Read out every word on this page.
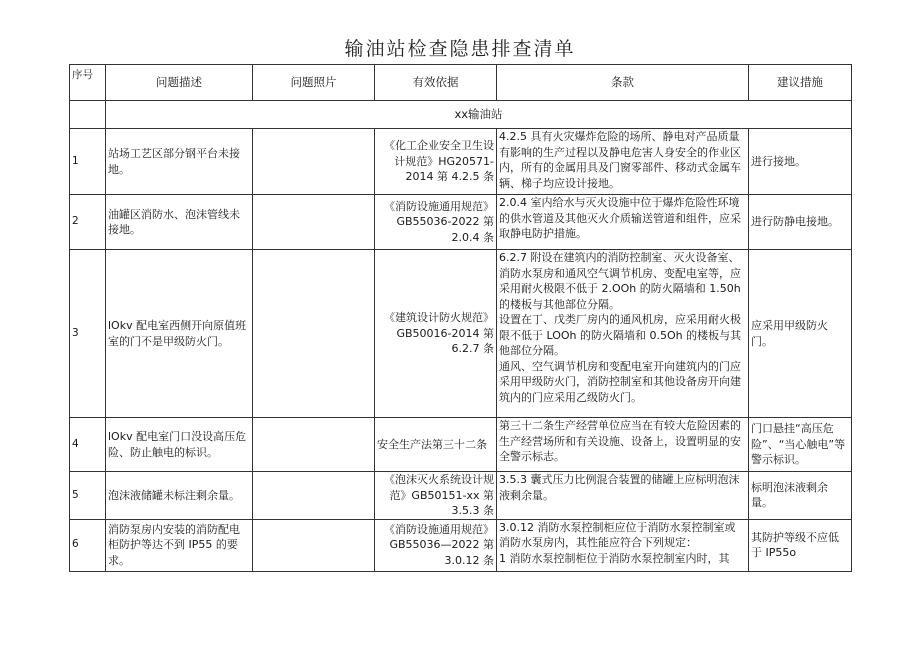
输油站检查隐患排查清单
序号	问题描述	问题照片	有效依据	条款	建议措施
	xx输油站				
1	站场工艺区部分钢平台未接地。		《化工企业安全卫生设计规范》HG20571-2014 第 4.2.5 条	4.2.5 具有火灾爆炸危险的场所、静电对产品质量有影响的生产过程以及静电危害人身安全的作业区内，所有的金属用具及门窗零部件、移动式金属车辆、梯子均应设计接地。	进行接地。
2	油罐区消防水、泡沫管线未接地。		《消防设施通用规范》GB55036-2022 第 2.0.4 条	2.0.4 室内给水与灭火设施中位于爆炸危险性环境的供水管道及其他灭火介质输送管道和组件，应采取静电防护措施。	进行防静电接地。
3	lOkv 配电室西侧开向原值班室的门不是甲级防火门。		《建筑设计防火规范》GB50016-2014 第 6.2.7 条	6.2.7 附设在建筑内的消防控制室、灭火设备室、消防水泵房和通风空气调节机房、变配电室等，应采用耐火极限不低于 2.OOh 的防火隔墙和 1.50h 的楼板与其他部位分隔。
设置在丁、戊类厂房内的通风机房，应采用耐火极限不低于 LOOh 的防火隔墙和 0.5Oh 的楼板与其他部位分隔。
通风、空气调节机房和变配电室开向建筑内的门应采用甲级防火门，消防控制室和其他设备房开向建筑内的门应采用乙级防火门。	应采用甲级防火门。
4	lOkv 配电室门口没设高压危险、防止触电的标识。		安全生产法第三十二条	第三十二条生产经营单位应当在有较大危险因素的生产经营场所和有关设施、设备上，设置明显的安全警示标志。	门口悬挂“高压危险”、“当心触电”等警示标识。
5	泡沫液储罐未标注剩余量。		《泡沫灭火系统设计规范》GB50151-xx 第 3.5.3 条	3.5.3 囊式压力比例混合装置的储罐上应标明泡沫液剩余量。	标明泡沫液剩余量。
6	消防泵房内安装的消防配电柜防护等达不到 IP55 的要求。		《消防设施通用规范》GB55036—2022 第 3.0.12 条	3.0.12 消防水泵控制柜应位于消防水泵控制室或消防水泵房内，其性能应符合下列规定：
1 消防水泵控制柜位于消防水泵控制室内时，其	其防护等级不应低于 IP55o
